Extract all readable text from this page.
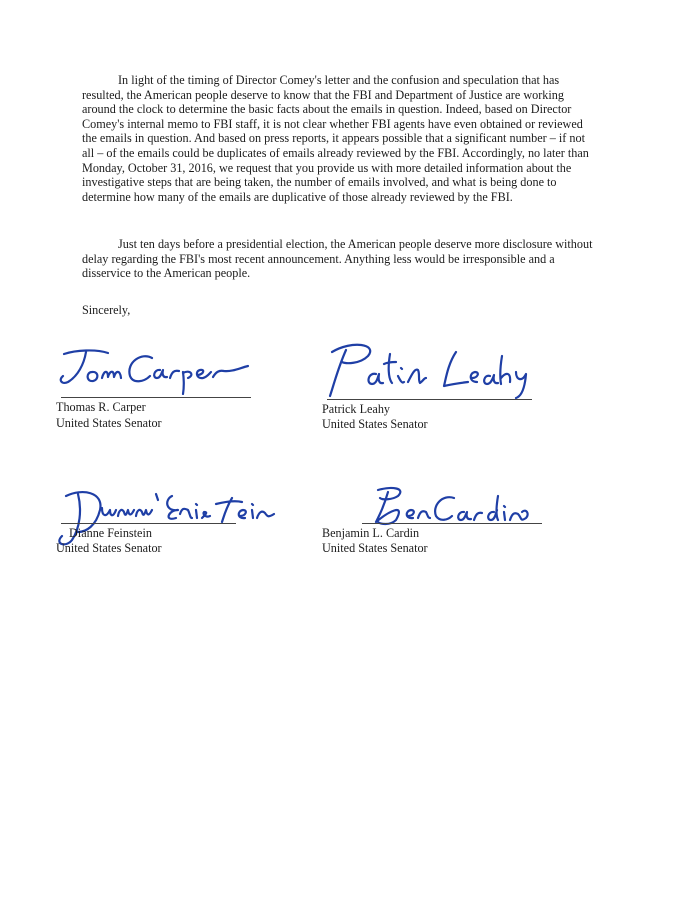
In light of the timing of Director Comey's letter and the confusion and speculation that has
resulted, the American people deserve to know that the FBI and Department of Justice are working
around the clock to determine the basic facts about the emails in question. Indeed, based on Director
Comey's internal memo to FBI staff, it is not clear whether FBI agents have even obtained or reviewed
the emails in question. And based on press reports, it appears possible that a significant number – if not
all – of the emails could be duplicates of emails already reviewed by the FBI. Accordingly, no later than
Monday, October 31, 2016, we request that you provide us with more detailed information about the
investigative steps that are being taken, the number of emails involved, and what is being done to
determine how many of the emails are duplicative of those already reviewed by the FBI.
Just ten days before a presidential election, the American people deserve more disclosure without
delay regarding the FBI's most recent announcement. Anything less would be irresponsible and a
disservice to the American people.

Sincerely,

Thomas R. Carper
United States Senator
Patrick Leahy
United States Senator
Dianne Feinstein
United States Senator
Benjamin L. Cardin
United States Senator
